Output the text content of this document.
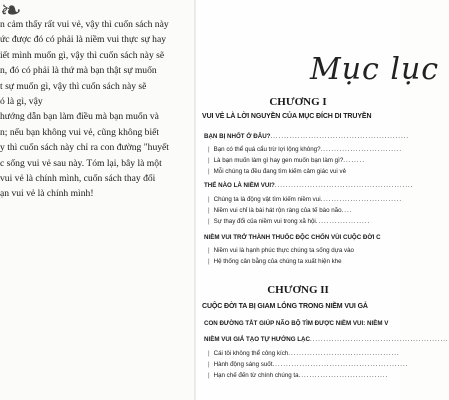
❧
n cảm thấy rất vui vẻ, vậy thì cuốn sách này
ức được đó có phải là niềm vui thực sự hay
iết mình muốn gì, vậy thì cuốn sách này sẽ
n, đó có phải là thứ mà bạn thật sự muốn
t sự muốn gì, vậy thì cuốn sách này sẽ
ó là gì, vậy
hướng dẫn bạn làm điều mà bạn muốn và
n; nếu bạn không vui vẻ, cũng không biết
y thì cuốn sách này chỉ ra con đường "huyết
c sống vui vẻ sau này. Tóm lại, bây là một
vui vẻ là chính mình, cuốn sách thay đổi
ạn vui vẻ là chính mình!
Mục lục
CHƯƠNG I
VUI VẺ LÀ LỜI NGUYỀN CỦA MỤC ĐÍCH DI TRUYỀN
BẠN BỊ NHỐT Ở ĐÂU?...................................................
| Bạn có thể quá cẩu trừ lợi lộng không?..............................
| Là bạn muốn làm gì hay gen muốn bạn làm gì?........
| Mỗi chúng ta đều đang tìm kiếm cảm giác vui vẻ
THẾ NÀO LÀ NIỀM VUI?...................................................
| Chúng ta là động vật tìm kiếm niềm vui..............................
| Niềm vui chỉ là bài hát rộn ràng của tế bào não....
| Sự thay đổi của niềm vui trong xã hội....................
NIỀM VUI TRỞ THÀNH THUỐC ĐỘC CHỐN VÙI CUỘC ĐỜI C
| Niềm vui là hạnh phúc thực chúng ta sống dựa vào
| Hệ thống cân bằng của chúng ta xuất hiện khe
CHƯƠNG II
CUỘC ĐỜI TA BỊ GIAM LỎNG TRONG NIỀM VUI GẢ
CON ĐƯỜNG TẮT GIÚP NÃO BỘ TÌM ĐƯỢC NIỀM VUI: NIỀM V
NIỀM VUI GIẢ TẠO TỰ HƯỚNG LẠC...................................................
| Cái tôi không thể công kích.........................................
| Hành động sáng suốt..................................................
| Hạn chế đến từ chính chúng ta.................................
